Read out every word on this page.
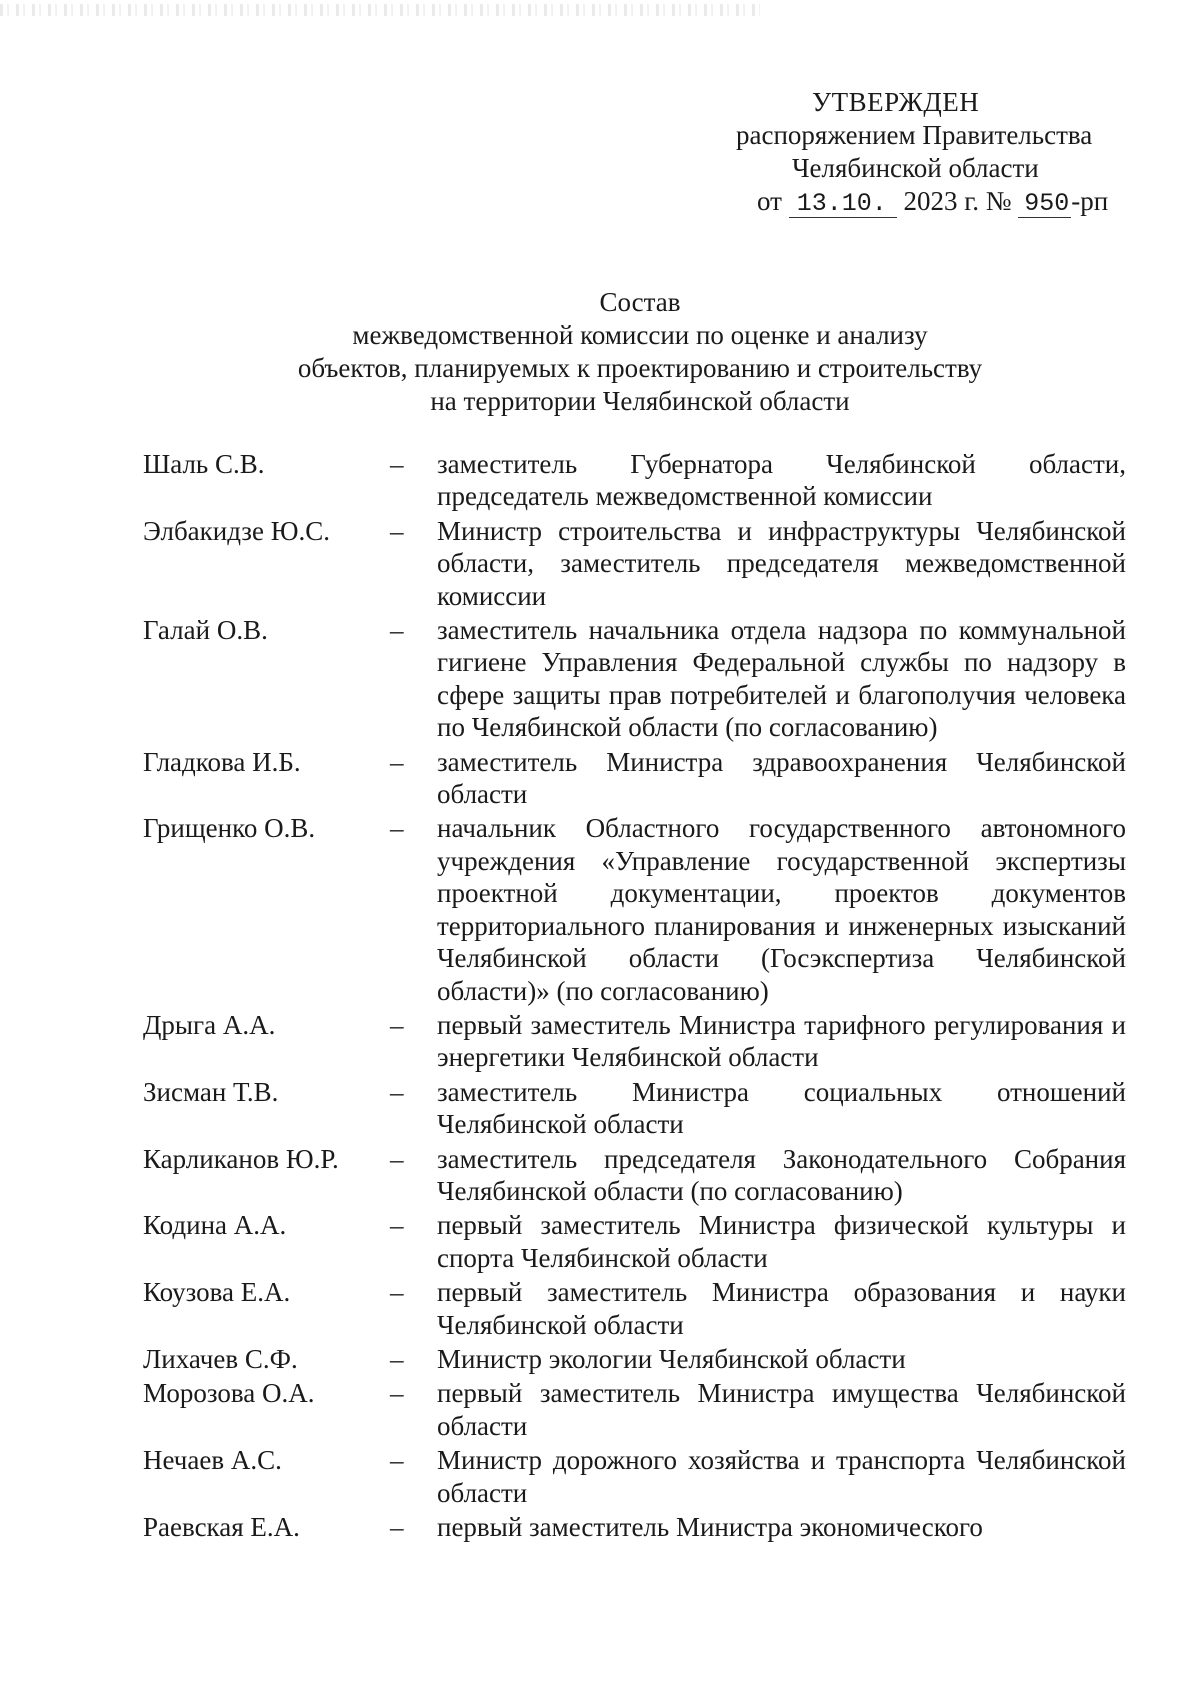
УТВЕРЖДЕН
распоряжением Правительства
Челябинской области
от 13.10. 2023 г. № 950-рп
Состав
межведомственной комиссии по оценке и анализу
объектов, планируемых к проектированию и строительству
на территории Челябинской области
Шаль С.В.	–	заместитель Губернатора Челябинской области, председатель межведомственной комиссии
Элбакидзе Ю.С.	–	Министр строительства и инфраструктуры Челябинской области, заместитель председателя межведомственной комиссии
Галай О.В.	–	заместитель начальника отдела надзора по коммунальной гигиене Управления Федеральной службы по надзору в сфере защиты прав потребителей и благополучия человека по Челябинской области (по согласованию)
Гладкова И.Б.	–	заместитель Министра здравоохранения Челябинской области
Грищенко О.В.	–	начальник Областного государственного автономного учреждения «Управление государственной экспертизы проектной документации, проектов документов территориального планирования и инженерных изысканий Челябинской области (Госэкспертиза Челябинской области)» (по согласованию)
Дрыга А.А.	–	первый заместитель Министра тарифного регулирования и энергетики Челябинской области
Зисман Т.В.	–	заместитель Министра социальных отношений Челябинской области
Карликанов Ю.Р.	–	заместитель председателя Законодательного Собрания Челябинской области (по согласованию)
Кодина А.А.	–	первый заместитель Министра физической культуры и спорта Челябинской области
Коузова Е.А.	–	первый заместитель Министра образования и науки Челябинской области
Лихачев С.Ф.	–	Министр экологии Челябинской области
Морозова О.А.	–	первый заместитель Министра имущества Челябинской области
Нечаев А.С.	–	Министр дорожного хозяйства и транспорта Челябинской области
Раевская Е.А.	–	первый заместитель Министра экономического
